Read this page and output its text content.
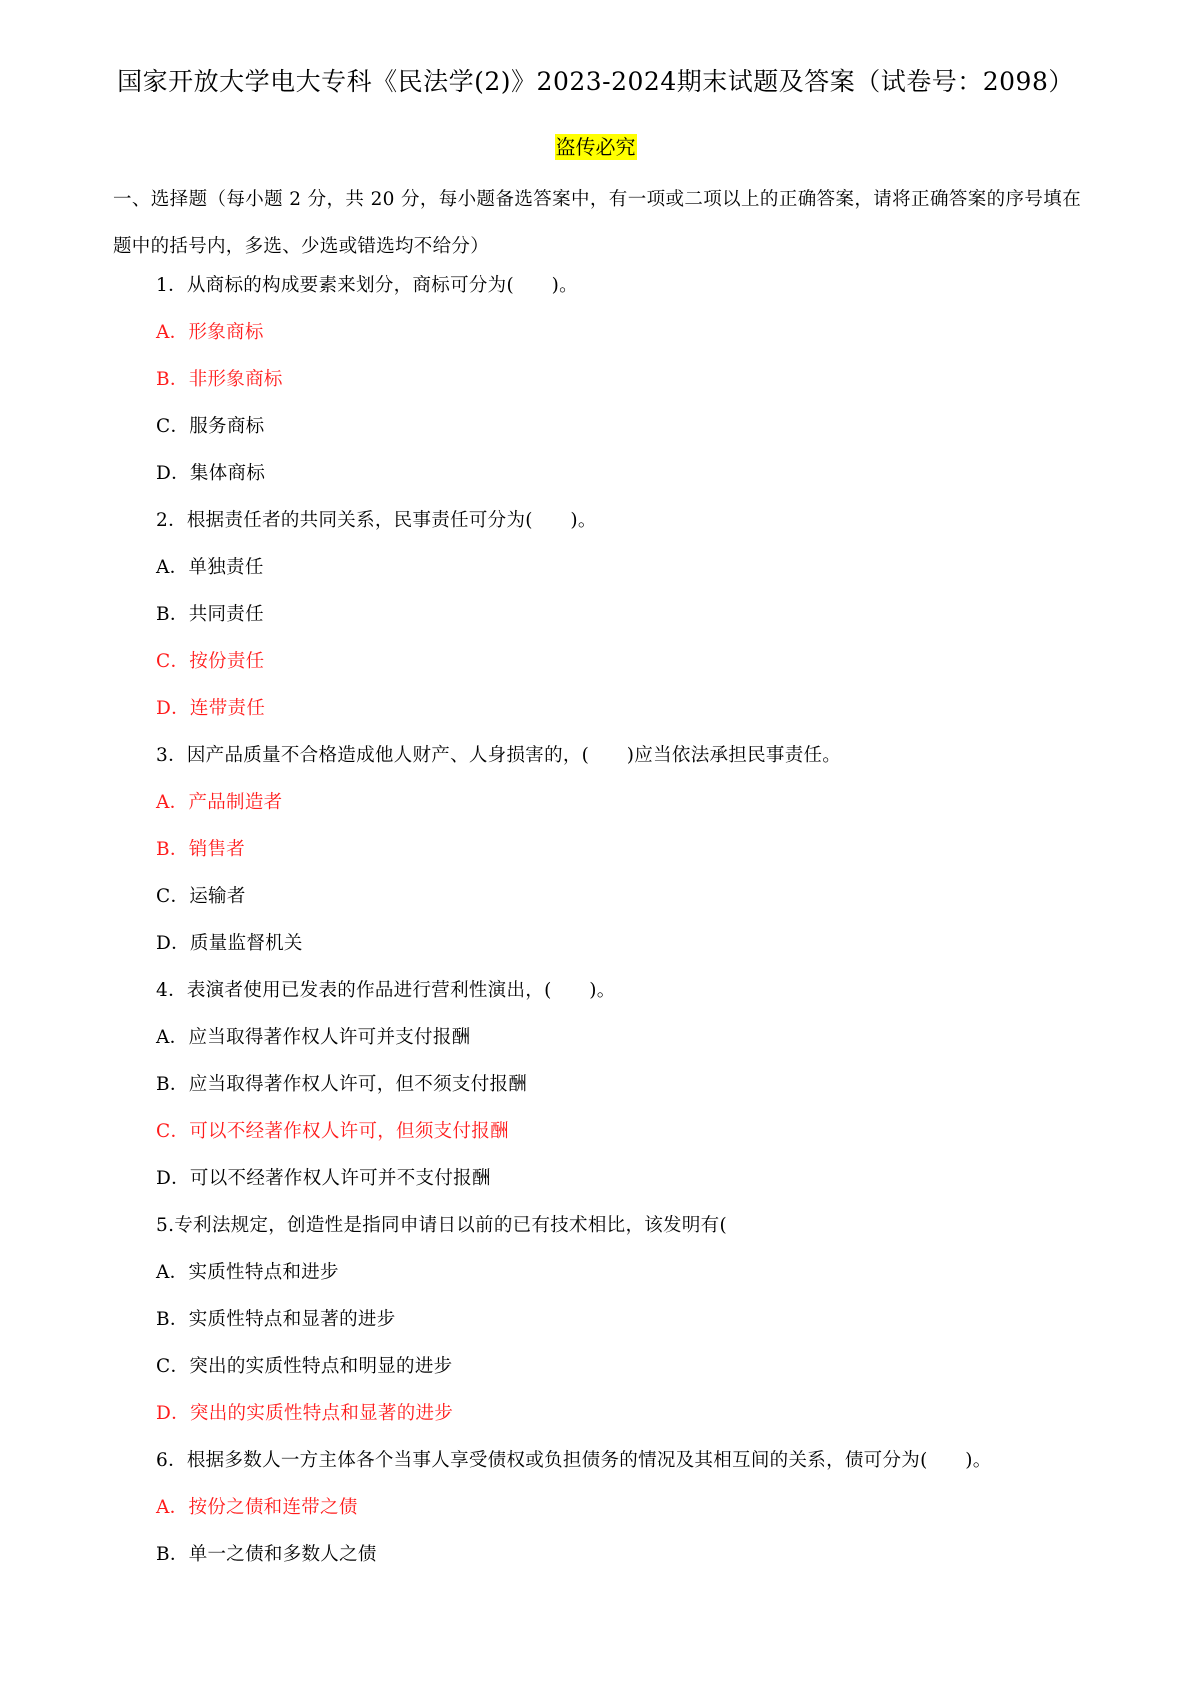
国家开放大学电大专科《民法学(2)》2023-2024期末试题及答案（试卷号：2098）
盗传必究
一、选择题（每小题 2 分，共 20 分，每小题备选答案中，有一项或二项以上的正确答案，请将正确答案的序号填在题中的括号内，多选、少选或错选均不给分）
1．从商标的构成要素来划分，商标可分为(　　)。
A．形象商标
B．非形象商标
C．服务商标
D．集体商标
2．根据责任者的共同关系，民事责任可分为(　　)。
A．单独责任
B．共同责任
C．按份责任
D．连带责任
3．因产品质量不合格造成他人财产、人身损害的，(　　)应当依法承担民事责任。
A．产品制造者
B．销售者
C．运输者
D．质量监督机关
4．表演者使用已发表的作品进行营利性演出，(　　)。
A．应当取得著作权人许可并支付报酬
B．应当取得著作权人许可，但不须支付报酬
C．可以不经著作权人许可，但须支付报酬
D．可以不经著作权人许可并不支付报酬
5.专利法规定，创造性是指同申请日以前的已有技术相比，该发明有(
A．实质性特点和进步
B．实质性特点和显著的进步
C．突出的实质性特点和明显的进步
D．突出的实质性特点和显著的进步
6．根据多数人一方主体各个当事人享受债权或负担债务的情况及其相互间的关系，债可分为(　　)。
A．按份之债和连带之债
B．单一之债和多数人之债
